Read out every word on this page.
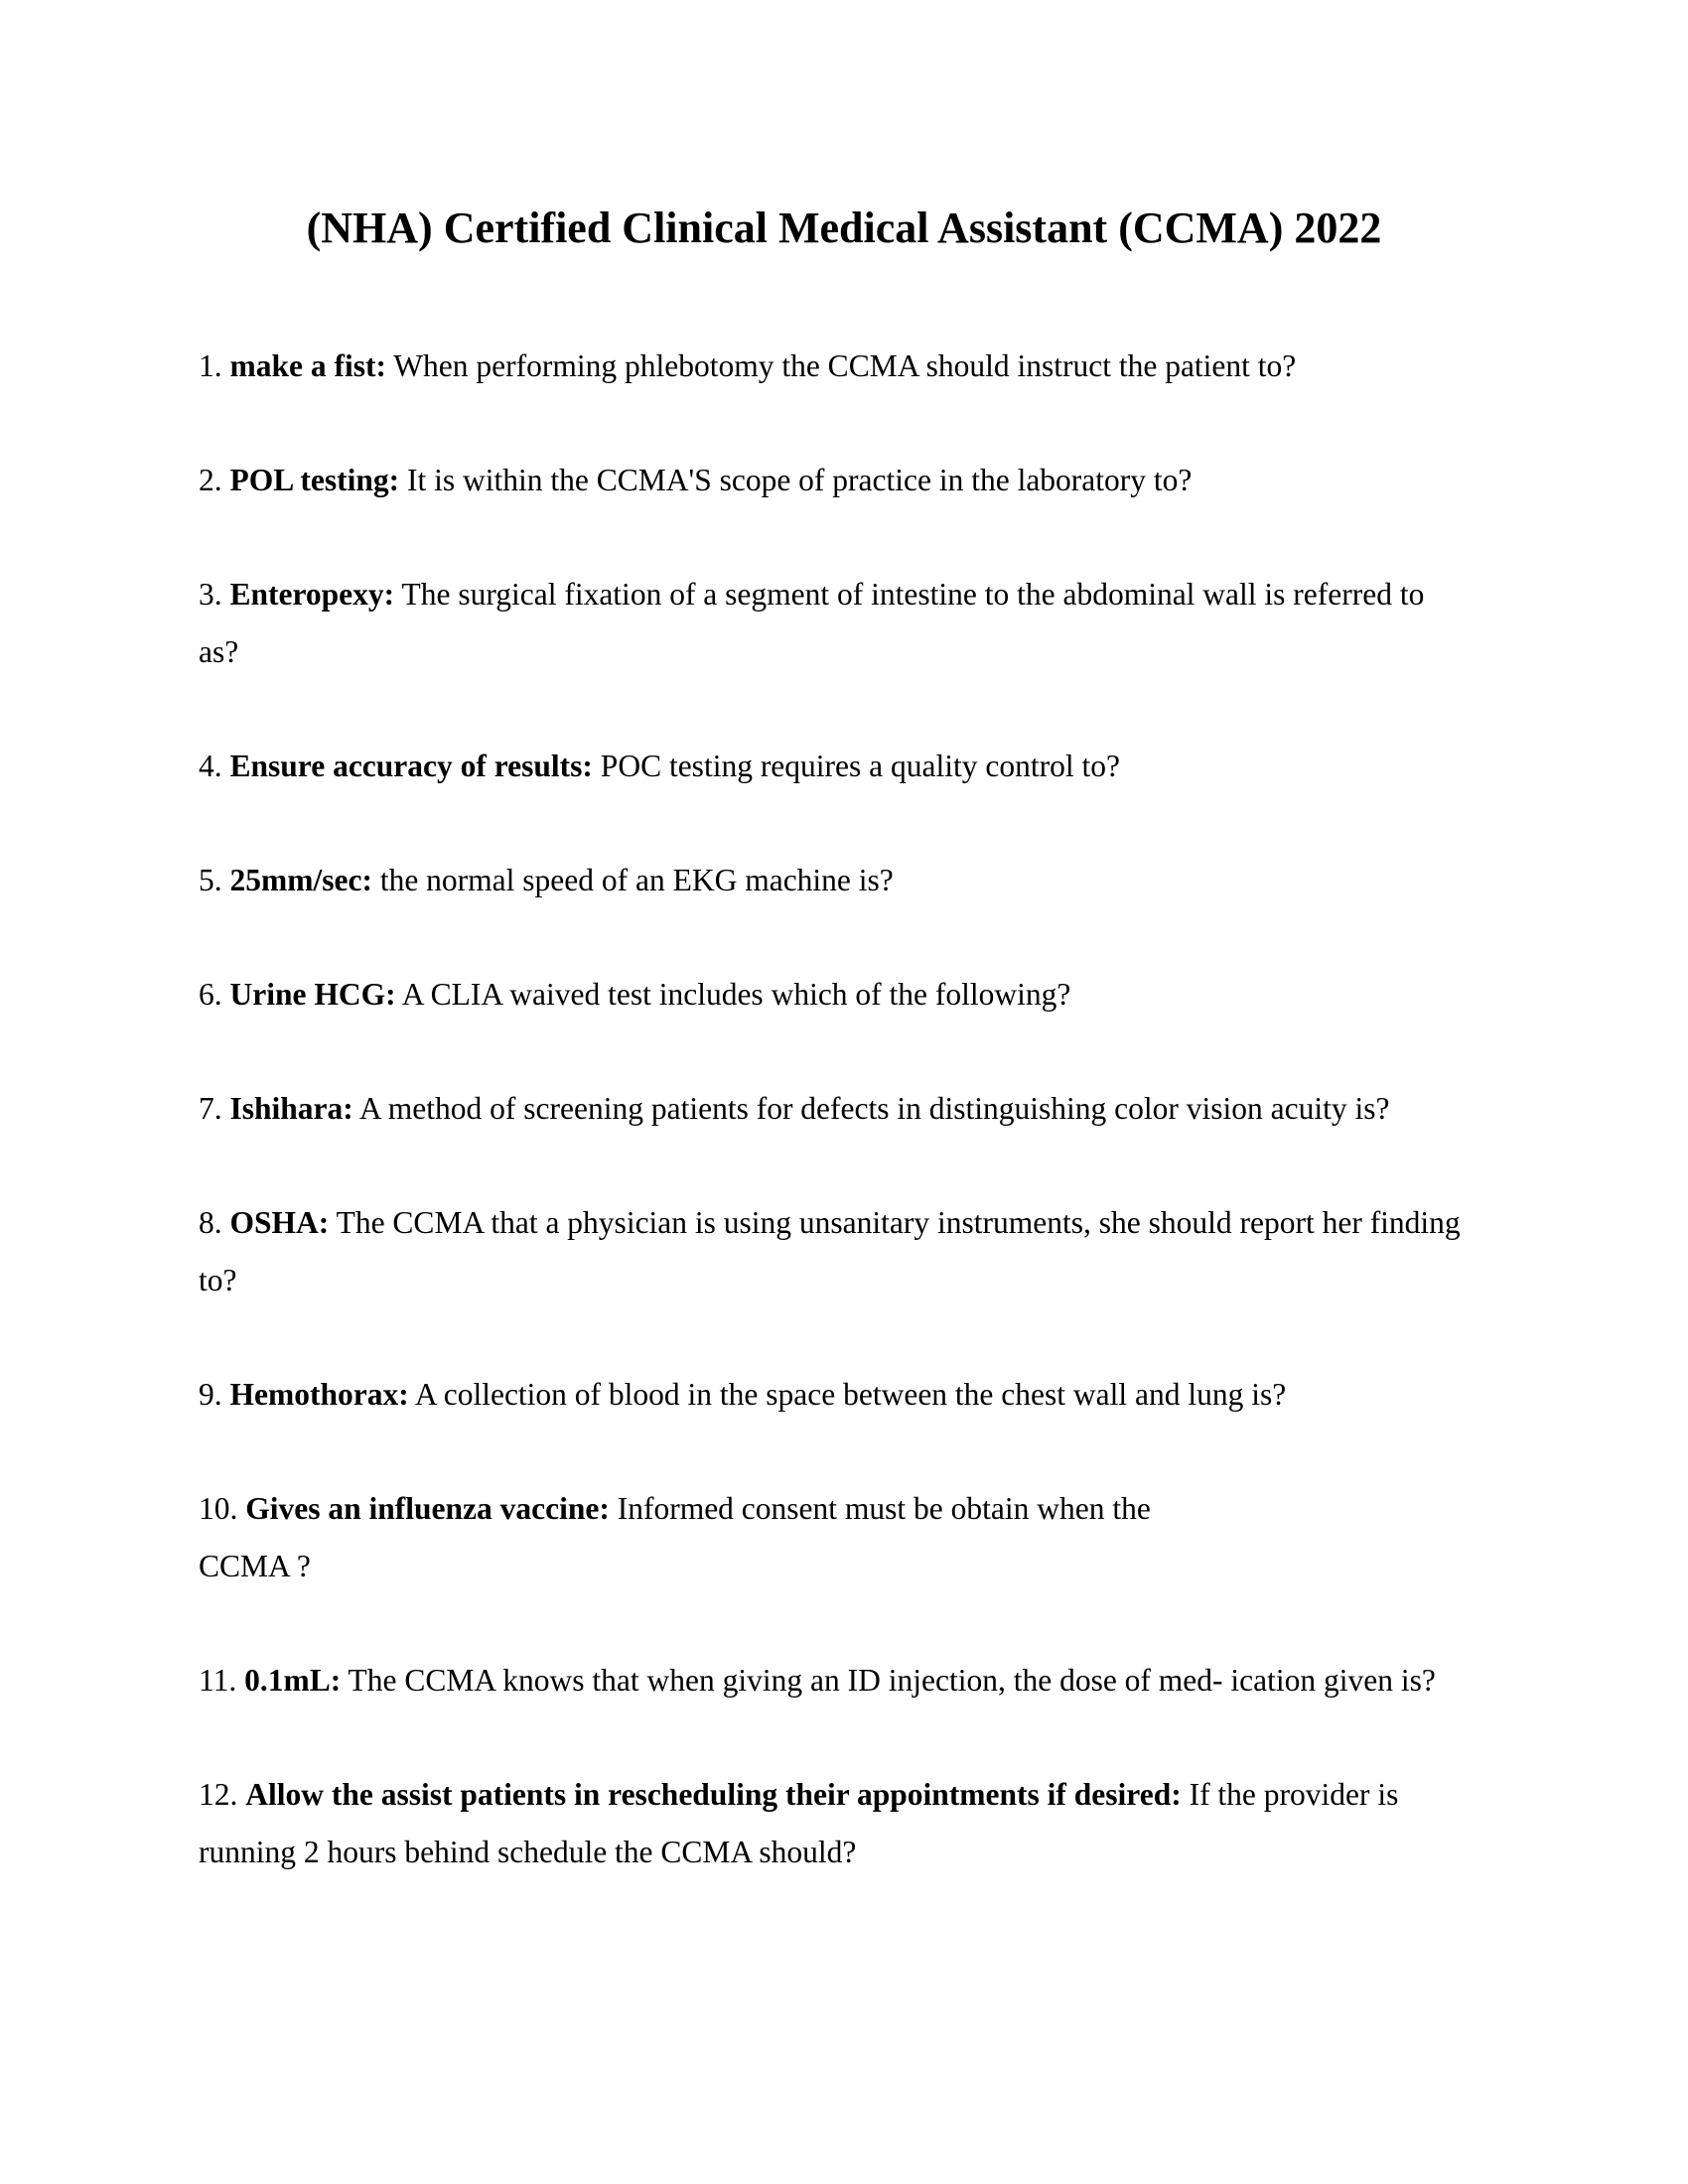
(NHA) Certified Clinical Medical Assistant (CCMA) 2022
1. make a fist: When performing phlebotomy the CCMA should instruct the patient to?
2. POL testing: It is within the CCMA'S scope of practice in the laboratory to?
3. Enteropexy: The surgical fixation of a segment of intestine to the abdominal wall is referred to as?
4. Ensure accuracy of results: POC testing requires a quality control to?
5. 25mm/sec: the normal speed of an EKG machine is?
6. Urine HCG: A CLIA waived test includes which of the following?
7. Ishihara: A method of screening patients for defects in distinguishing color vision acuity is?
8. OSHA: The CCMA that a physician is using unsanitary instruments, she should report her finding to?
9. Hemothorax: A collection of blood in the space between the chest wall and lung is?
10. Gives an influenza vaccine: Informed consent must be obtain when the
CCMA ?
11. 0.1mL: The CCMA knows that when giving an ID injection, the dose of med- ication given is?
12. Allow the assist patients in rescheduling their appointments if desired: If the provider is running 2 hours behind schedule the CCMA should?
